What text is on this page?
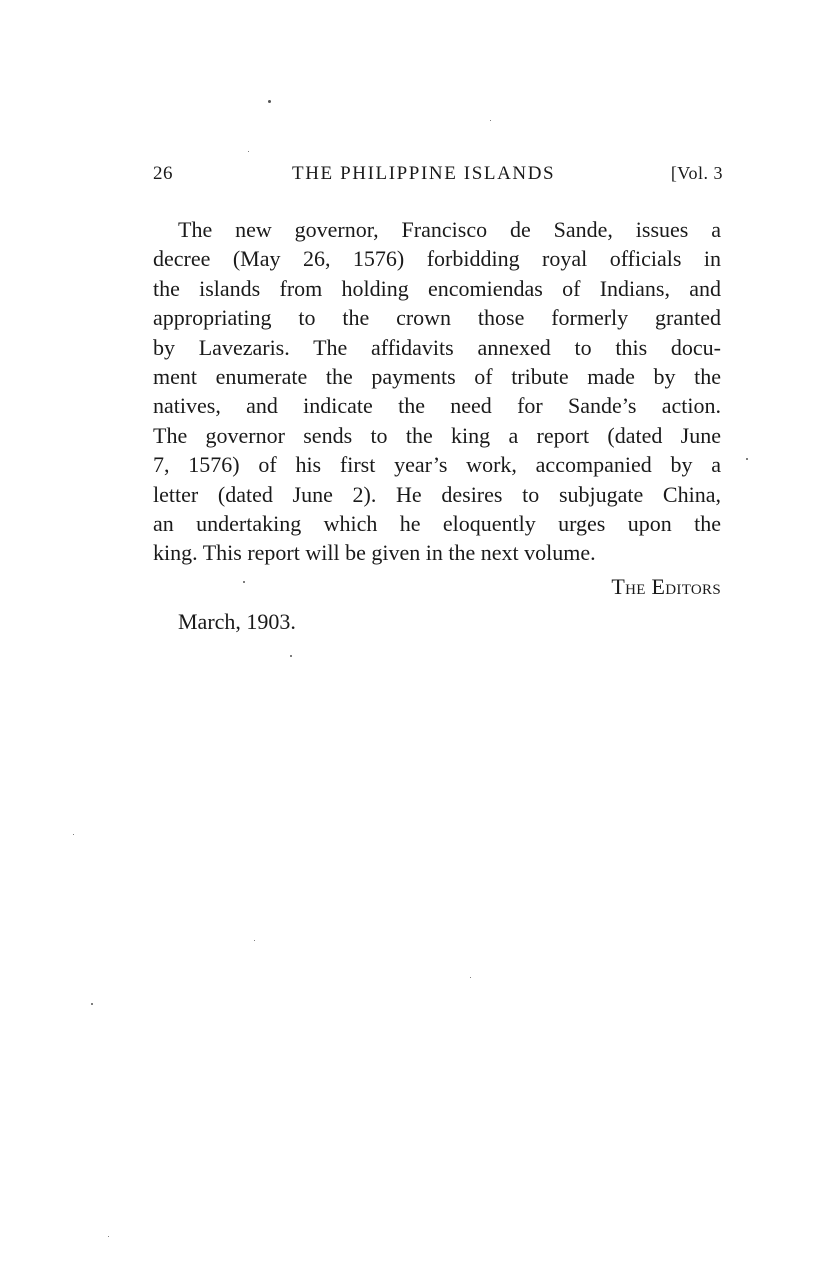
26	THE PHILIPPINE ISLANDS	[Vol. 3
The new governor, Francisco de Sande, issues a
decree (May 26, 1576) forbidding royal officials in
the islands from holding encomiendas of Indians, and
appropriating to the crown those formerly granted
by Lavezaris. The affidavits annexed to this docu-
ment enumerate the payments of tribute made by the
natives, and indicate the need for Sande’s action.
The governor sends to the king a report (dated June
7, 1576) of his first year’s work, accompanied by a
letter (dated June 2). He desires to subjugate China,
an undertaking which he eloquently urges upon the
king. This report will be given in the next volume.
The Editors
March, 1903.
